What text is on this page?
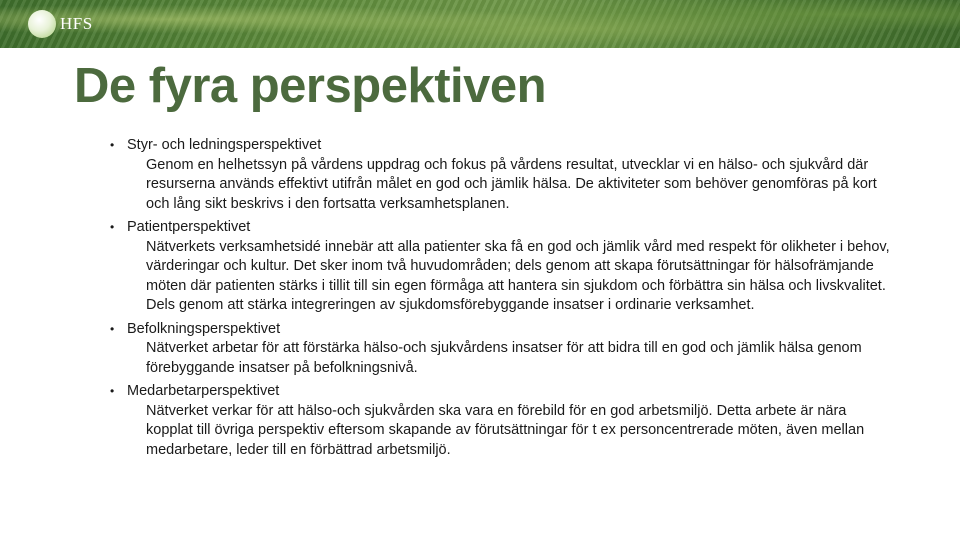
HFS
De fyra perspektiven
• Styr- och ledningsperspektivet
Genom en helhetssyn på vårdens uppdrag och fokus på vårdens resultat, utvecklar vi en hälso- och sjukvård där resurserna används effektivt utifrån målet en god och jämlik hälsa. De aktiviteter som behöver genomföras på kort och lång sikt beskrivs i den fortsatta verksamhetsplanen.
• Patientperspektivet
Nätverkets verksamhetsidé innebär att alla patienter ska få en god och jämlik vård med respekt för olikheter i behov, värderingar och kultur. Det sker inom två huvudområden; dels genom att skapa förutsättningar för hälsofrämjande möten där patienten stärks i tillit till sin egen förmåga att hantera sin sjukdom och förbättra sin hälsa och livskvalitet. Dels genom att stärka integreringen av sjukdomsförebyggande insatser i ordinarie verksamhet.
• Befolkningsperspektivet
Nätverket arbetar för att förstärka hälso-och sjukvårdens insatser för att bidra till en god och jämlik hälsa genom förebyggande insatser på befolkningsnivå.
• Medarbetarperspektivet
Nätverket verkar för att hälso-och sjukvården ska vara en förebild för en god arbetsmiljö. Detta arbete är nära kopplat till övriga perspektiv eftersom skapande av förutsättningar för t ex personcentrerade möten, även mellan medarbetare, leder till en förbättrad arbetsmiljö.
